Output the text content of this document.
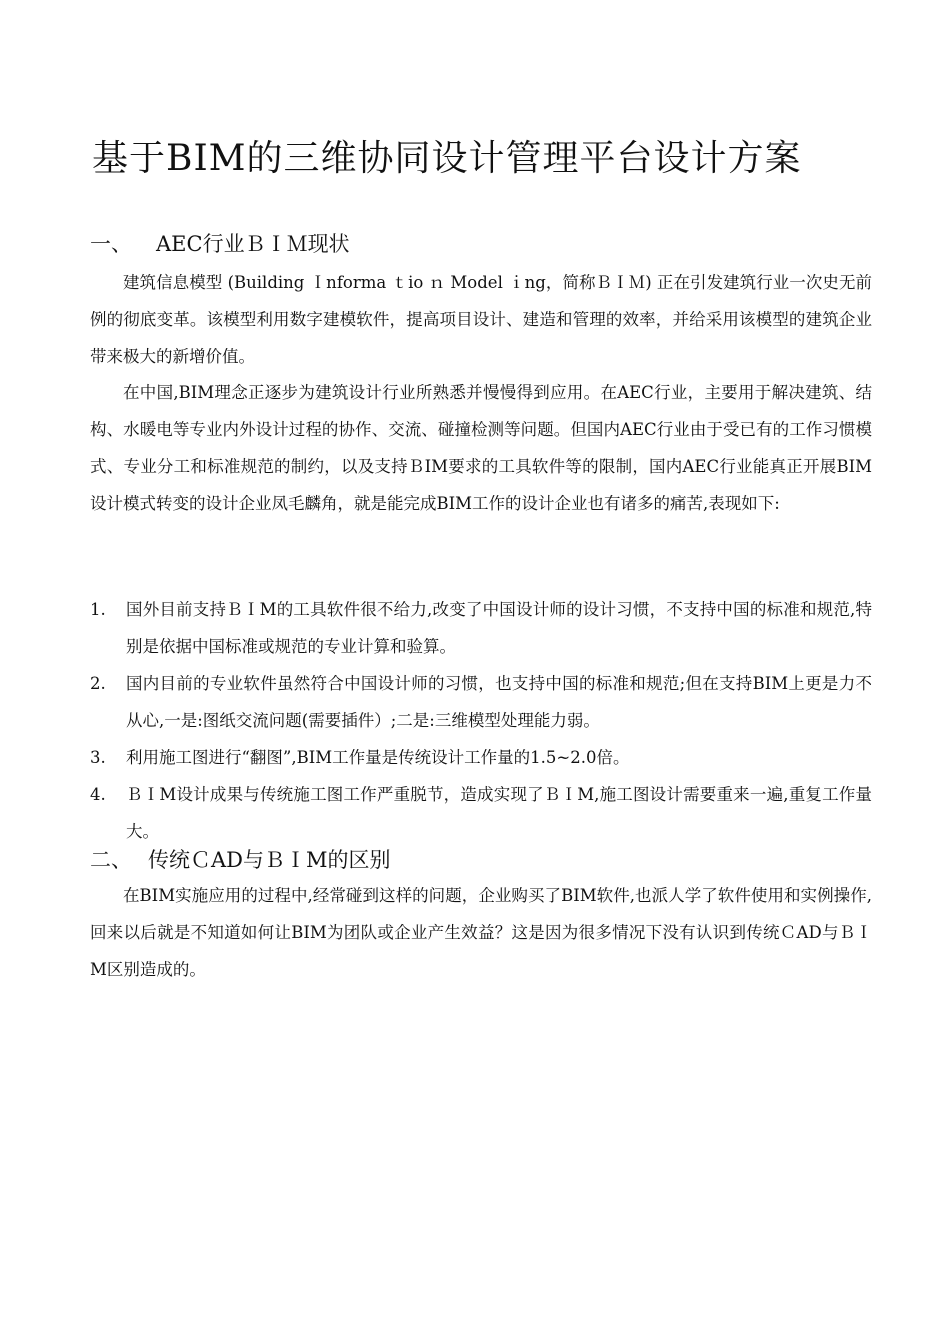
基于BIM的三维协同设计管理平台设计方案
一、 AEC行业ＢＩＭ现状

建筑信息模型 (Building Ｉnforma ｔio ｎ Model ｉng，简称ＢＩＭ) 正在引发建筑行业一次史无前例的彻底变革。该模型利用数字建模软件，提高项目设计、建造和管理的效率，并给采用该模型的建筑企业带来极大的新增价值。

在中国,BIM理念正逐步为建筑设计行业所熟悉并慢慢得到应用。在AEC行业，主要用于解决建筑、结构、水暖电等专业内外设计过程的协作、交流、碰撞检测等问题。但国内AEC行业由于受已有的工作习惯模式、专业分工和标准规范的制约，以及支持ＢIM要求的工具软件等的限制，国内AEC行业能真正开展BIM设计模式转变的设计企业凤毛麟角，就是能完成BIM工作的设计企业也有诸多的痛苦,表现如下:

1. 国外目前支持ＢＩM的工具软件很不给力,改变了中国设计师的设计习惯，不支持中国的标准和规范,特别是依据中国标准或规范的专业计算和验算。
2. 国内目前的专业软件虽然符合中国设计师的习惯，也支持中国的标准和规范;但在支持BIM上更是力不从心,一是:图纸交流问题(需要插件）;二是:三维模型处理能力弱。
3. 利用施工图进行“翻图”,BIM工作量是传统设计工作量的1.5~2.0倍。
4. ＢＩM设计成果与传统施工图工作严重脱节，造成实现了ＢＩM,施工图设计需要重来一遍,重复工作量大。
二、 传统ＣAD与ＢＩM的区别

在BIM实施应用的过程中,经常碰到这样的问题，企业购买了BIM软件,也派人学了软件使用和实例操作,回来以后就是不知道如何让BIM为团队或企业产生效益？这是因为很多情况下没有认识到传统ＣAD与ＢＩM区别造成的。
